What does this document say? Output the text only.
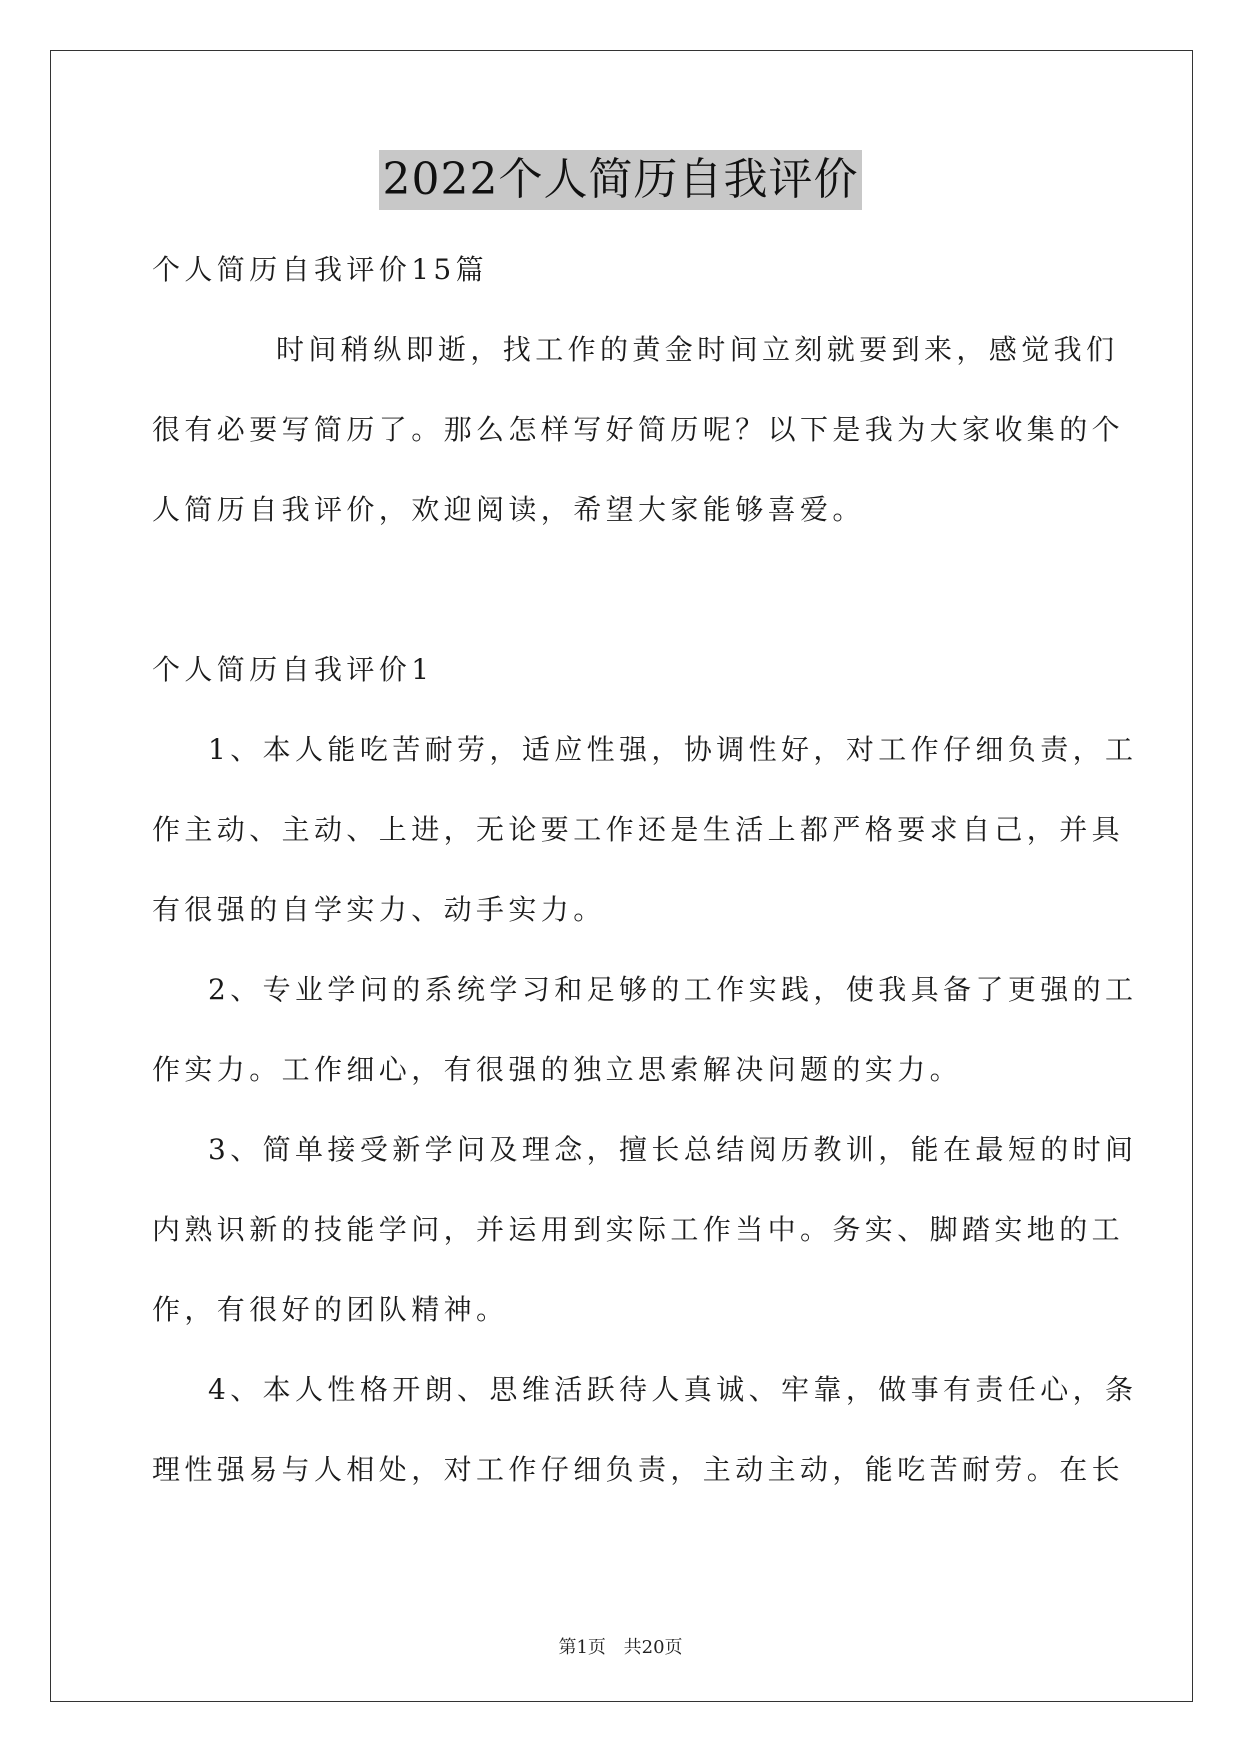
2022个人简历自我评价
个人简历自我评价15篇
时间稍纵即逝，找工作的黄金时间立刻就要到来，感觉我们
很有必要写简历了。那么怎样写好简历呢？以下是我为大家收集的个
人简历自我评价，欢迎阅读，希望大家能够喜爱。
个人简历自我评价1
1、本人能吃苦耐劳，适应性强，协调性好，对工作仔细负责，工
作主动、主动、上进，无论要工作还是生活上都严格要求自己，并具
有很强的自学实力、动手实力。
2、专业学问的系统学习和足够的工作实践，使我具备了更强的工
作实力。工作细心，有很强的独立思索解决问题的实力。
3、简单接受新学问及理念，擅长总结阅历教训，能在最短的时间
内熟识新的技能学问，并运用到实际工作当中。务实、脚踏实地的工
作，有很好的团队精神。
4、本人性格开朗、思维活跃待人真诚、牢靠，做事有责任心，条
理性强易与人相处，对工作仔细负责，主动主动，能吃苦耐劳。在长
第1页 共20页
